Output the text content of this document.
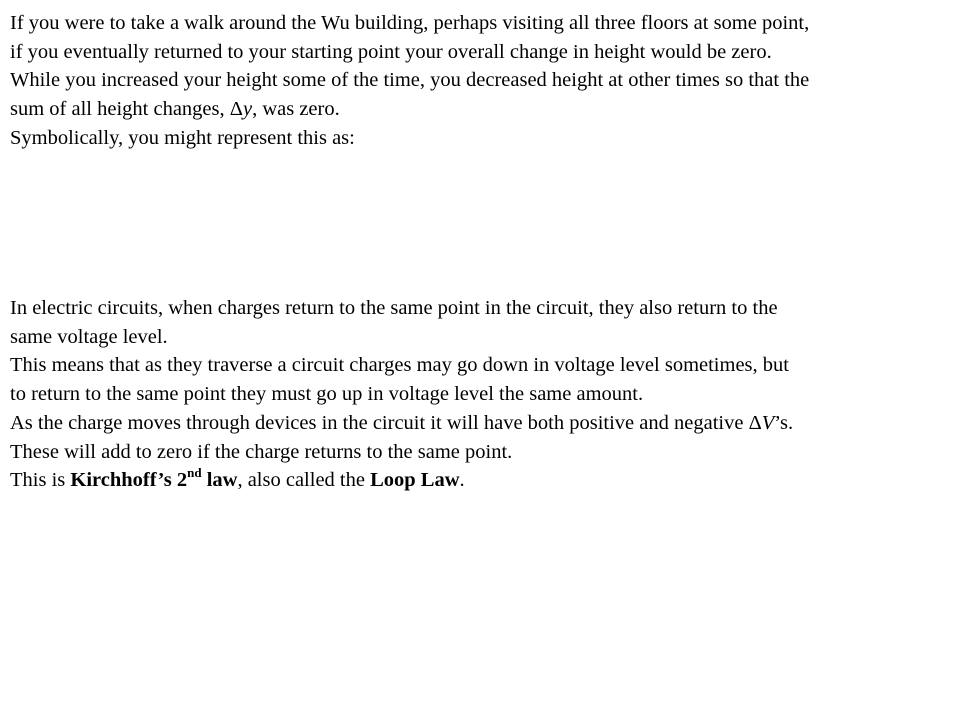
If you were to take a walk around the Wu building, perhaps visiting all three floors at some point,
if you eventually returned to your starting point your overall change in height would be zero.
While you increased your height some of the time, you decreased height at other times so that the
sum of all height changes, Δy, was zero.
Symbolically, you might represent this as:
In electric circuits, when charges return to the same point in the circuit, they also return to the
same voltage level.
This means that as they traverse a circuit charges may go down in voltage level sometimes, but
to return to the same point they must go up in voltage level the same amount.
As the charge moves through devices in the circuit it will have both positive and negative ΔV’s.
These will add to zero if the charge returns to the same point.
This is Kirchhoff’s 2nd law, also called the Loop Law.
